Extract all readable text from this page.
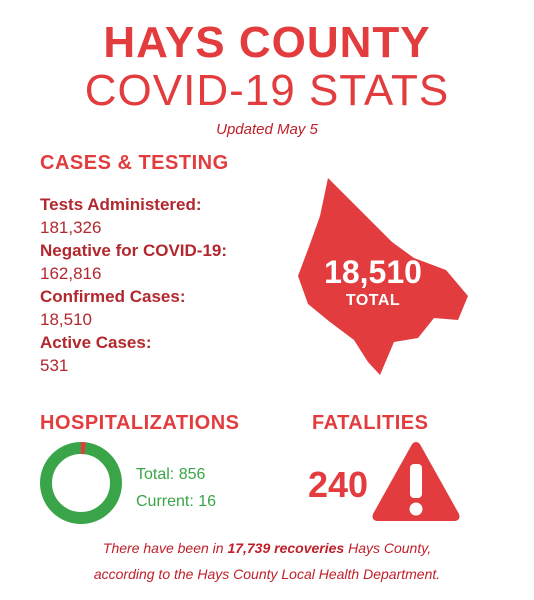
HAYS COUNTY
COVID-19 STATS
Updated May 5
CASES & TESTING
Tests Administered:
181,326
Negative for COVID-19:
162,816
Confirmed Cases:
18,510
Active Cases:
531
18,510
TOTAL
HOSPITALIZATIONS
Total: 856
Current: 16
FATALITIES
240
There have been in 17,739 recoveries Hays County,
according to the Hays County Local Health Department.
